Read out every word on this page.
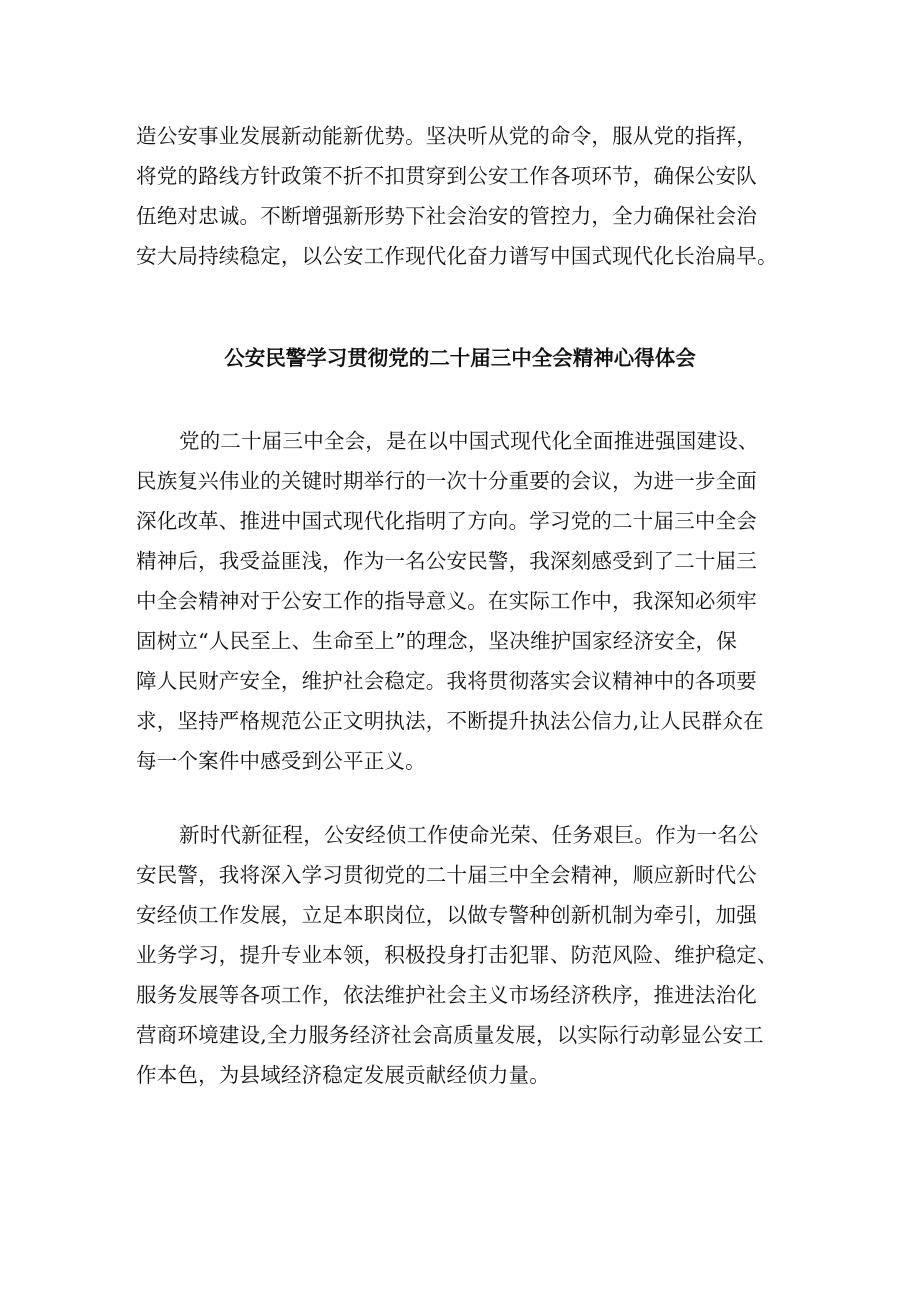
造公安事业发展新动能新优势。坚决听从党的命令，服从党的指挥，
将党的路线方针政策不折不扣贯穿到公安工作各项环节，确保公安队
伍绝对忠诚。不断增强新形势下社会治安的管控力，全力确保社会治
安大局持续稳定，以公安工作现代化奋力谱写中国式现代化长治扁早。
公安民警学习贯彻党的二十届三中全会精神心得体会
党的二十届三中全会，是在以中国式现代化全面推进强国建设、
民族复兴伟业的关键时期举行的一次十分重要的会议，为进一步全面
深化改革、推进中国式现代化指明了方向。学习党的二十届三中全会
精神后，我受益匪浅，作为一名公安民警，我深刻感受到了二十届三
中全会精神对于公安工作的指导意义。在实际工作中，我深知必须牢
固树立“人民至上、生命至上”的理念，坚决维护国家经济安全，保
障人民财产安全，维护社会稳定。我将贯彻落实会议精神中的各项要
求，坚持严格规范公正文明执法，不断提升执法公信力,让人民群众在
每一个案件中感受到公平正义。
新时代新征程，公安经侦工作使命光荣、任务艰巨。作为一名公
安民警，我将深入学习贯彻党的二十届三中全会精神，顺应新时代公
安经侦工作发展，立足本职岗位，以做专警种创新机制为牵引，加强
业务学习，提升专业本领，积极投身打击犯罪、防范风险、维护稳定、
服务发展等各项工作，依法维护社会主义市场经济秩序，推进法治化
营商环境建设,全力服务经济社会高质量发展，以实际行动彰显公安工
作本色，为县域经济稳定发展贡献经侦力量。
